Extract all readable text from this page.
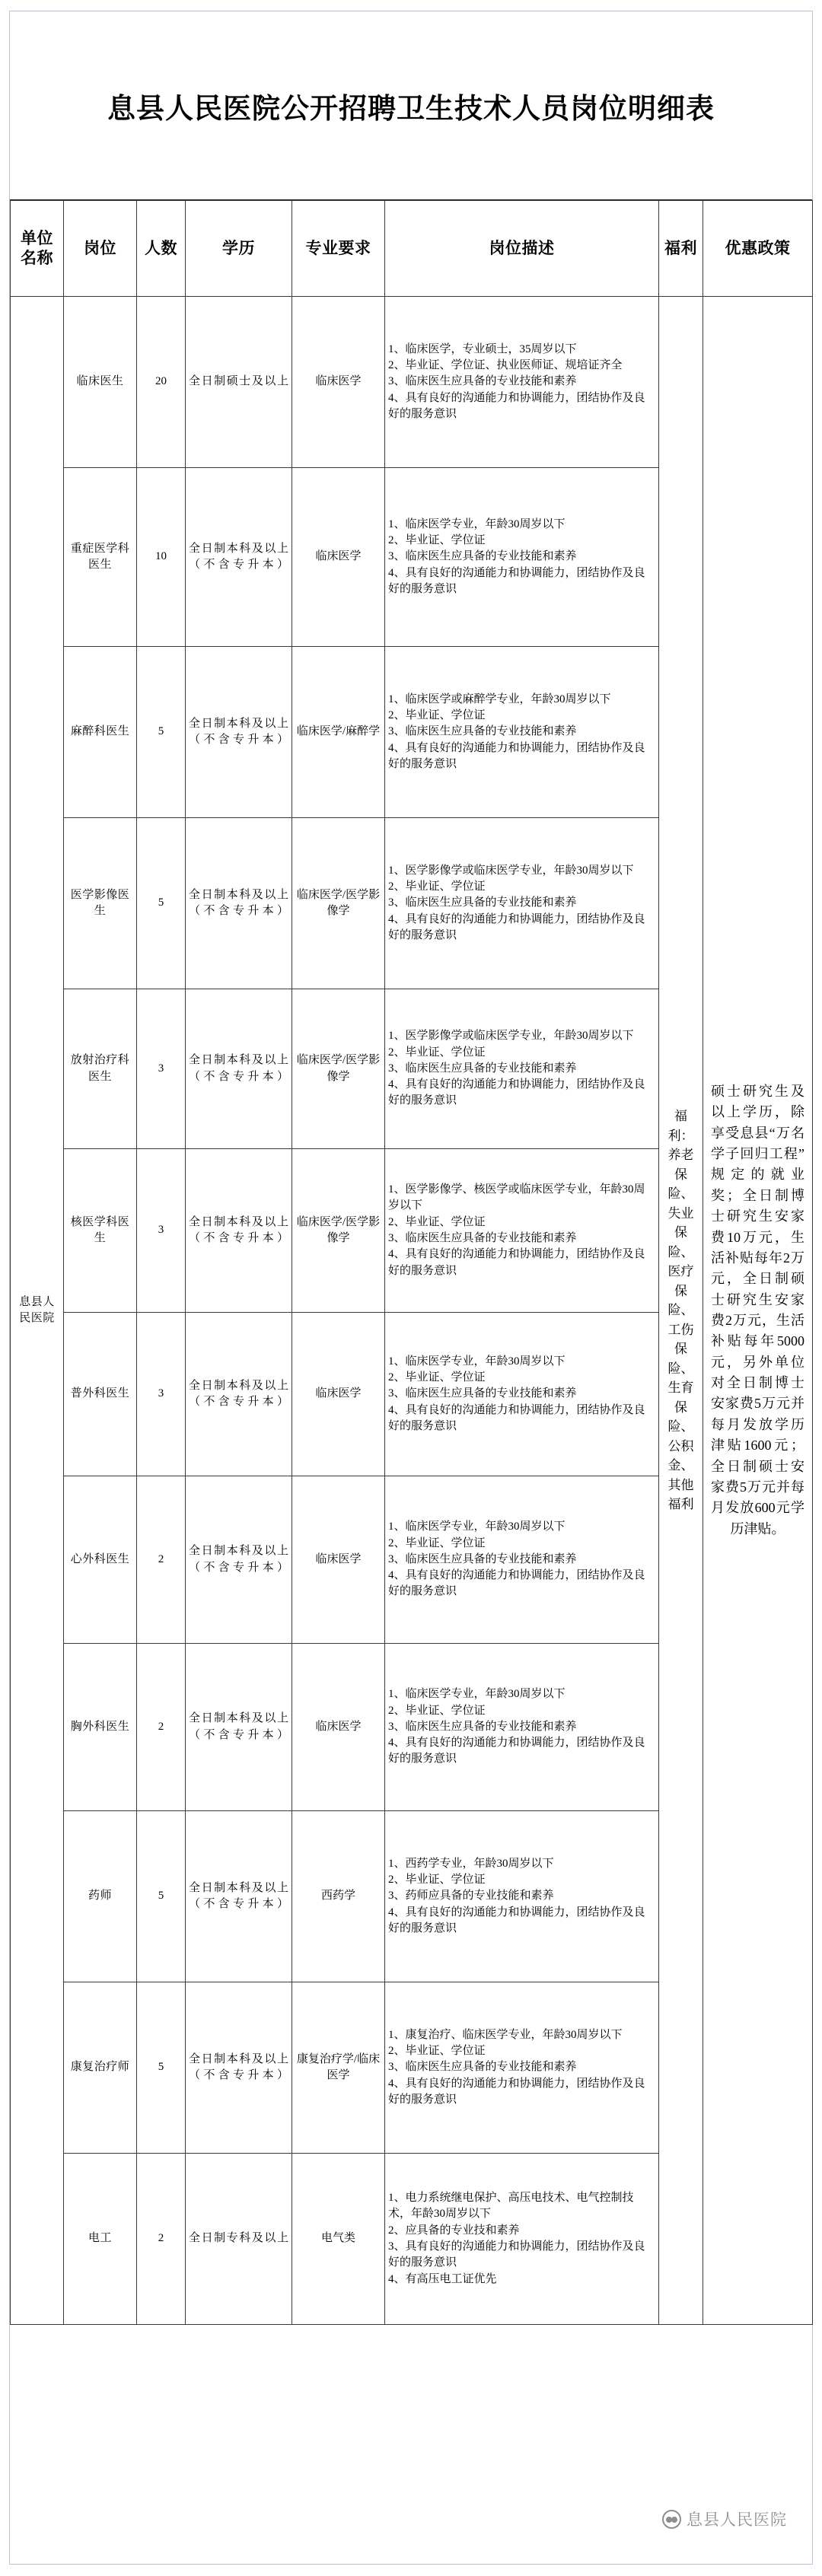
息县人民医院公开招聘卫生技术人员岗位明细表
单位名称	岗位	人数	学历	专业要求	岗位描述	福利	优惠政策
息县人民医院	临床医生	20	全日制硕士及以上	临床医学	1、临床医学，专业硕士，35周岁以下
2、毕业证、学位证、执业医师证、规培证齐全
3、临床医生应具备的专业技能和素养
4、具有良好的沟通能力和协调能力，团结协作及良好的服务意识	福利：养老保险、失业保险、医疗保险、工伤保险、生育保险、公积金、其他福利	硕士研究生及以上学历，除享受息县“万名学子回归工程”规定的就业奖；全日制博士研究生安家费10万元，生活补贴每年2万元，全日制硕士研究生安家费2万元，生活补贴每年5000元，另外单位对全日制博士安家费5万元并每月发放学历津贴1600元；全日制硕士安家费5万元并每月发放600元学历津贴。

	重症医学科医生	10	全日制本科及以上（不含专升本）	临床医学	1、临床医学专业，年龄30周岁以下
2、毕业证、学位证
3、临床医生应具备的专业技能和素养
4、具有良好的沟通能力和协调能力，团结协作及良好的服务意识		

	麻醉科医生	5	全日制本科及以上（不含专升本）	临床医学/麻醉学	1、临床医学或麻醉学专业，年龄30周岁以下
2、毕业证、学位证
3、临床医生应具备的专业技能和素养
4、具有良好的沟通能力和协调能力，团结协作及良好的服务意识		

	医学影像医生	5	全日制本科及以上（不含专升本）	临床医学/医学影像学	1、医学影像学或临床医学专业，年龄30周岁以下
2、毕业证、学位证
3、临床医生应具备的专业技能和素养
4、具有良好的沟通能力和协调能力，团结协作及良好的服务意识		

	放射治疗科医生	3	全日制本科及以上（不含专升本）	临床医学/医学影像学	1、医学影像学或临床医学专业，年龄30周岁以下
2、毕业证、学位证
3、临床医生应具备的专业技能和素养
4、具有良好的沟通能力和协调能力，团结协作及良好的服务意识		

	核医学科医生	3	全日制本科及以上（不含专升本）	临床医学/医学影像学	1、医学影像学、核医学或临床医学专业，年龄30周岁以下
2、毕业证、学位证
3、临床医生应具备的专业技能和素养
4、具有良好的沟通能力和协调能力，团结协作及良好的服务意识		

	普外科医生	3	全日制本科及以上（不含专升本）	临床医学	1、临床医学专业，年龄30周岁以下
2、毕业证、学位证
3、临床医生应具备的专业技能和素养
4、具有良好的沟通能力和协调能力，团结协作及良好的服务意识		

	心外科医生	2	全日制本科及以上（不含专升本）	临床医学	1、临床医学专业，年龄30周岁以下
2、毕业证、学位证
3、临床医生应具备的专业技能和素养
4、具有良好的沟通能力和协调能力，团结协作及良好的服务意识		

	胸外科医生	2	全日制本科及以上（不含专升本）	临床医学	1、临床医学专业，年龄30周岁以下
2、毕业证、学位证
3、临床医生应具备的专业技能和素养
4、具有良好的沟通能力和协调能力，团结协作及良好的服务意识		

	药师	5	全日制本科及以上（不含专升本）	西药学	1、西药学专业，年龄30周岁以下
2、毕业证、学位证
3、药师应具备的专业技能和素养
4、具有良好的沟通能力和协调能力，团结协作及良好的服务意识		

	康复治疗师	5	全日制本科及以上（不含专升本）	康复治疗学/临床医学	1、康复治疗、临床医学专业，年龄30周岁以下
2、毕业证、学位证
3、临床医生应具备的专业技能和素养
4、具有良好的沟通能力和协调能力，团结协作及良好的服务意识		

	电工	2	全日制专科及以上	电气类	1、电力系统继电保护、高压电技术、电气控制技术，年龄30周岁以下
2、应具备的专业技和素养
3、具有良好的沟通能力和协调能力，团结协作及良好的服务意识
4、有高压电工证优先		
息县人民医院
